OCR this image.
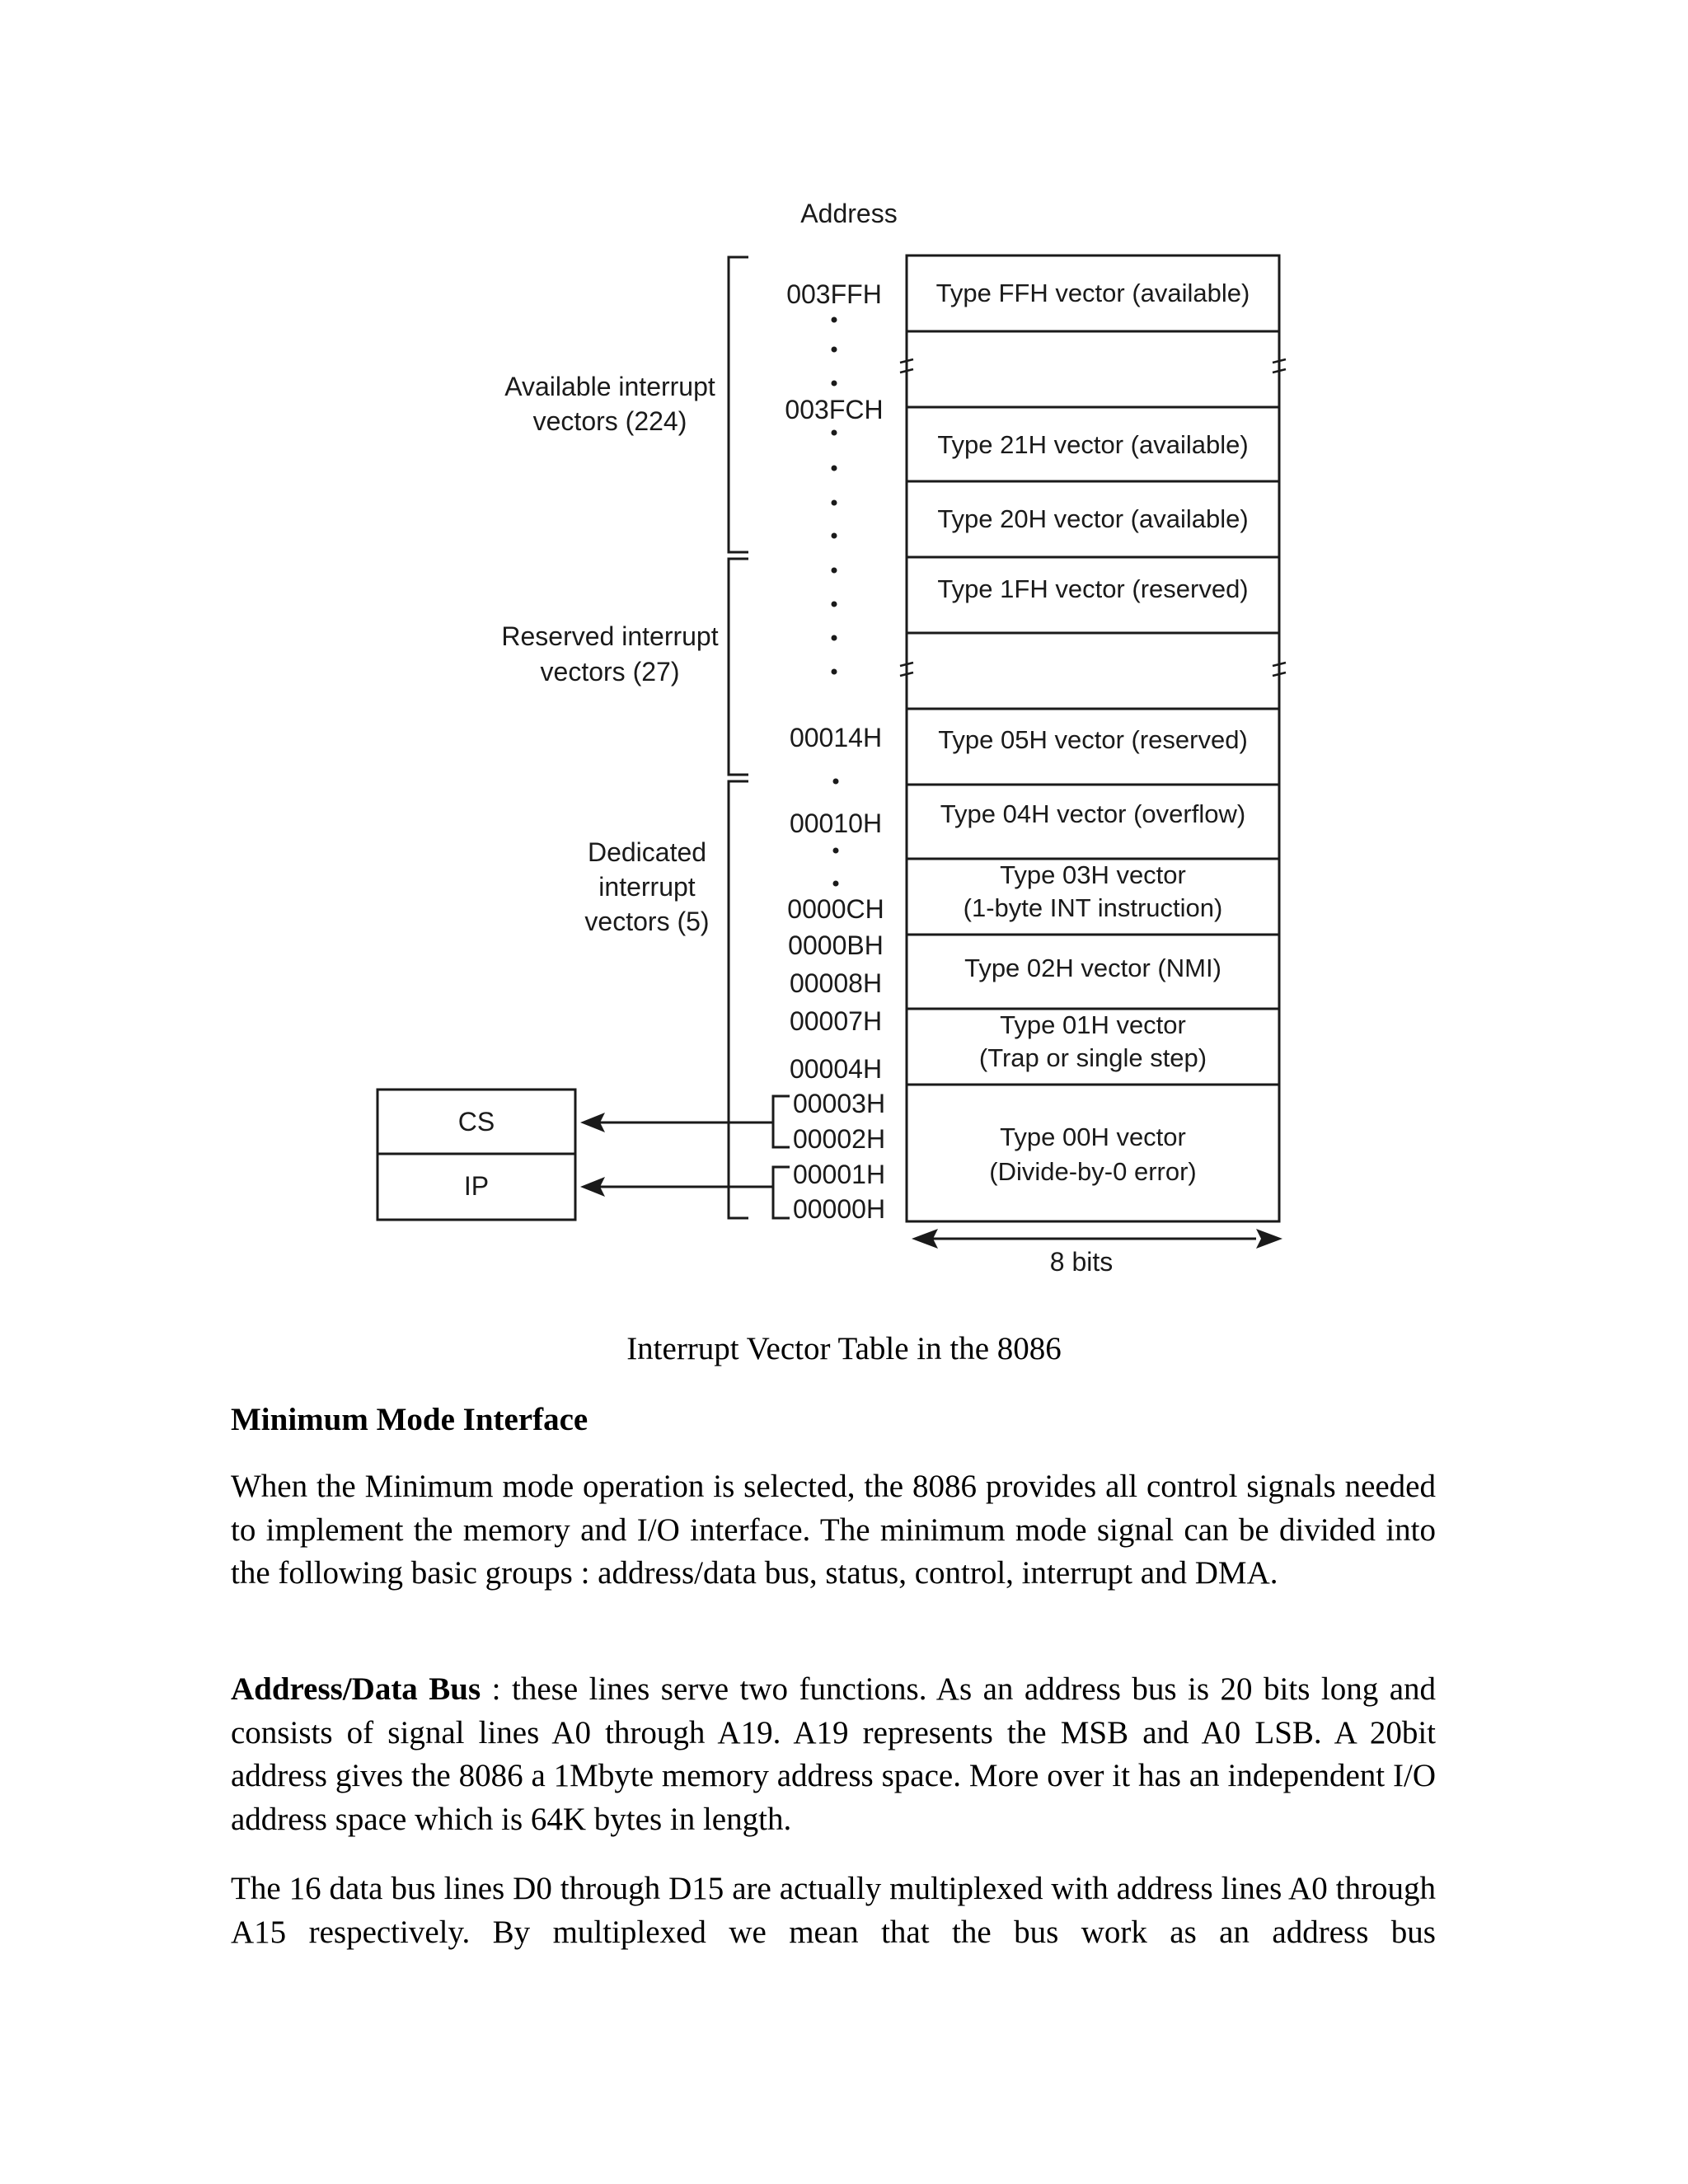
Address
Available interrupt
vectors (224)
Reserved interrupt
vectors (27)
Dedicated
interrupt
vectors (5)
003FFH
003FCH
00014H
00010H
0000CH
0000BH
00008H
00007H
00004H
00003H
00002H
00001H
00000H
Type FFH vector (available)
Type 21H vector (available)
Type 20H vector (available)
Type 1FH vector (reserved)
Type 05H vector (reserved)
Type 04H vector (overflow)
Type 03H vector
(1-byte INT instruction)
Type 02H vector (NMI)
Type 01H vector
(Trap or single step)
Type 00H vector
(Divide-by-0 error)
CS
IP
8 bits
Interrupt Vector Table in the 8086
Minimum Mode Interface

When the Minimum mode operation is selected, the 8086 provides all control signals needed to implement the memory and I/O interface. The minimum mode signal can be divided into the following basic groups : address/data bus, status, control, interrupt and DMA.

Address/Data Bus : these lines serve two functions. As an address bus is 20 bits long and consists of signal lines A0 through A19. A19 represents the MSB and A0 LSB. A 20bit address gives the 8086 a 1Mbyte memory address space. More over it has an independent I/O address space which is 64K bytes in length.

The 16 data bus lines D0 through D15 are actually multiplexed with address lines A0 through A15 respectively. By multiplexed we mean that the bus work as an address bus
